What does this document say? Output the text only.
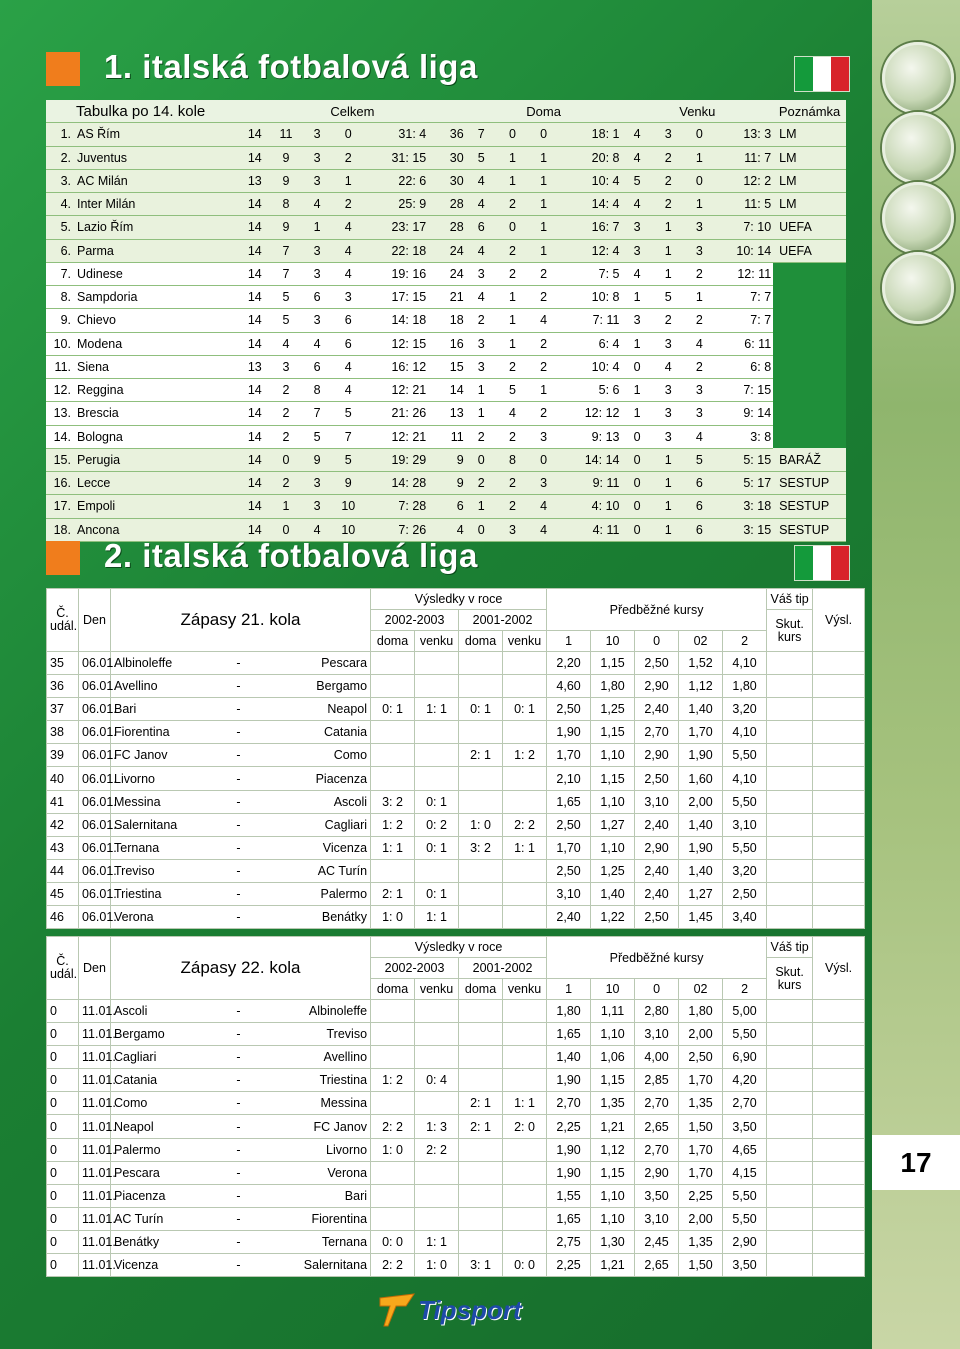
17
1. italská fotbalová liga
Tabulka po 14. kole		Celkem						Doma				Venku				Poznámka
1.	AS Řím	14	11	3	0	31: 4	36	7	0	0	18: 1	4	3	0	13: 3	LM
2.	Juventus	14	9	3	2	31: 15	30	5	1	1	20: 8	4	2	1	11: 7	LM
3.	AC Milán	13	9	3	1	22: 6	30	4	1	1	10: 4	5	2	0	12: 2	LM
4.	Inter Milán	14	8	4	2	25: 9	28	4	2	1	14: 4	4	2	1	11: 5	LM
5.	Lazio Řím	14	9	1	4	23: 17	28	6	0	1	16: 7	3	1	3	7: 10	UEFA
6.	Parma	14	7	3	4	22: 18	24	4	2	1	12: 4	3	1	3	10: 14	UEFA
7.	Udinese	14	7	3	4	19: 16	24	3	2	2	7: 5	4	1	2	12: 11	
8.	Sampdoria	14	5	6	3	17: 15	21	4	1	2	10: 8	1	5	1	7: 7	
9.	Chievo	14	5	3	6	14: 18	18	2	1	4	7: 11	3	2	2	7: 7	
10.	Modena	14	4	4	6	12: 15	16	3	1	2	6: 4	1	3	4	6: 11	
11.	Siena	13	3	6	4	16: 12	15	3	2	2	10: 4	0	4	2	6: 8	
12.	Reggina	14	2	8	4	12: 21	14	1	5	1	5: 6	1	3	3	7: 15	
13.	Brescia	14	2	7	5	21: 26	13	1	4	2	12: 12	1	3	3	9: 14	
14.	Bologna	14	2	5	7	12: 21	11	2	2	3	9: 13	0	3	4	3: 8	
15.	Perugia	14	0	9	5	19: 29	9	0	8	0	14: 14	0	1	5	5: 15	BARÁŽ
16.	Lecce	14	2	3	9	14: 28	9	2	2	3	9: 11	0	1	6	5: 17	SESTUP
17.	Empoli	14	1	3	10	7: 28	6	1	2	4	4: 10	0	1	6	3: 18	SESTUP
18.	Ancona	14	0	4	10	7: 26	4	0	3	4	4: 11	0	1	6	3: 15	SESTUP
2. italská fotbalová liga
Č.
udál.	Den	Zápasy 21. kola			Výsledky v roce				Předběžné kursy					Váš tip	Výsl.
					2002-2003		2001-2002							Skut.
kurs	
					doma	venku	doma	venku	1	10	0	02	2		
35	06.01.	Albinoleffe	-	Pescara					2,20	1,15	2,50	1,52	4,10		
36	06.01.	Avellino	-	Bergamo					4,60	1,80	2,90	1,12	1,80		
37	06.01.	Bari	-	Neapol	0: 1	1: 1	0: 1	0: 1	2,50	1,25	2,40	1,40	3,20		
38	06.01.	Fiorentina	-	Catania					1,90	1,15	2,70	1,70	4,10		
39	06.01.	FC Janov	-	Como			2: 1	1: 2	1,70	1,10	2,90	1,90	5,50		
40	06.01.	Livorno	-	Piacenza					2,10	1,15	2,50	1,60	4,10		
41	06.01.	Messina	-	Ascoli	3: 2	0: 1			1,65	1,10	3,10	2,00	5,50		
42	06.01.	Salernitana	-	Cagliari	1: 2	0: 2	1: 0	2: 2	2,50	1,27	2,40	1,40	3,10		
43	06.01.	Ternana	-	Vicenza	1: 1	0: 1	3: 2	1: 1	1,70	1,10	2,90	1,90	5,50		
44	06.01.	Treviso	-	AC Turín					2,50	1,25	2,40	1,40	3,20		
45	06.01.	Triestina	-	Palermo	2: 1	0: 1			3,10	1,40	2,40	1,27	2,50		
46	06.01.	Verona	-	Benátky	1: 0	1: 1			2,40	1,22	2,50	1,45	3,40		
Č.
udál.	Den	Zápasy 22. kola			Výsledky v roce				Předběžné kursy					Váš tip	Výsl.
					2002-2003		2001-2002							Skut.
kurs	
					doma	venku	doma	venku	1	10	0	02	2		
0	11.01.	Ascoli	-	Albinoleffe					1,80	1,11	2,80	1,80	5,00		
0	11.01.	Bergamo	-	Treviso					1,65	1,10	3,10	2,00	5,50		
0	11.01.	Cagliari	-	Avellino					1,40	1,06	4,00	2,50	6,90		
0	11.01.	Catania	-	Triestina	1: 2	0: 4			1,90	1,15	2,85	1,70	4,20		
0	11.01.	Como	-	Messina			2: 1	1: 1	2,70	1,35	2,70	1,35	2,70		
0	11.01.	Neapol	-	FC Janov	2: 2	1: 3	2: 1	2: 0	2,25	1,21	2,65	1,50	3,50		
0	11.01.	Palermo	-	Livorno	1: 0	2: 2			1,90	1,12	2,70	1,70	4,65		
0	11.01.	Pescara	-	Verona					1,90	1,15	2,90	1,70	4,15		
0	11.01.	Piacenza	-	Bari					1,55	1,10	3,50	2,25	5,50		
0	11.01.	AC Turín	-	Fiorentina					1,65	1,10	3,10	2,00	5,50		
0	11.01.	Benátky	-	Ternana	0: 0	1: 1			2,75	1,30	2,45	1,35	2,90		
0	11.01.	Vicenza	-	Salernitana	2: 2	1: 0	3: 1	0: 0	2,25	1,21	2,65	1,50	3,50		
Tipsport
